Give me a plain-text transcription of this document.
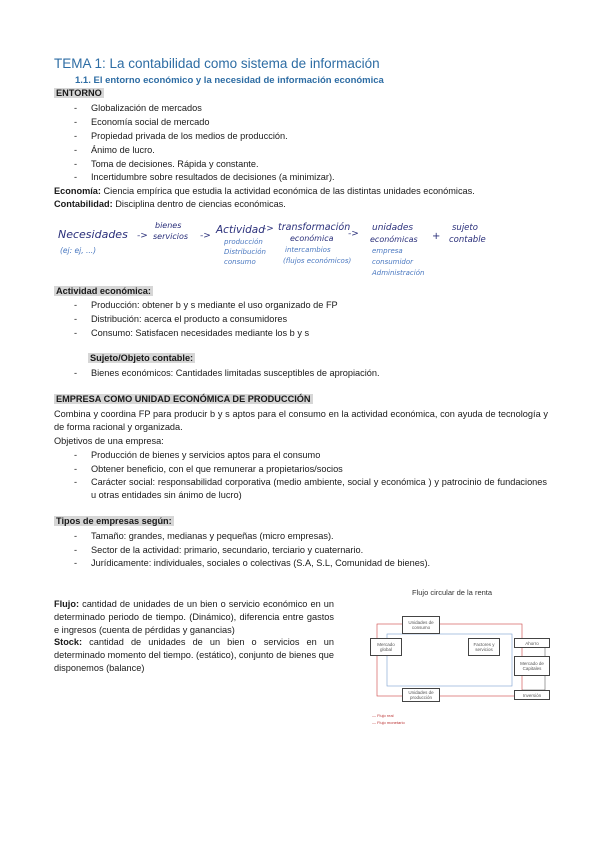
TEMA 1: La contabilidad como sistema de información
1.1. El entorno económico y la necesidad de información económica
ENTORNO
- Globalización de mercados
- Economía social de mercado
- Propiedad privada de los medios de producción.
- Ánimo de lucro.
- Toma de decisiones. Rápida y constante.
- Incertidumbre sobre resultados de decisiones (a minimizar).
Economía: Ciencia empírica que estudia la actividad económica de las distintas unidades económicas.
Contabilidad: Disciplina dentro de ciencias económicas.
Necesidades
(ej: ej, ...)
->
bienes
servicios -> Actividad
producción
Distribución
consumo
-> transformación
económica
intercambios
(flujos económicos)
->
unidades
económicas
empresa
consumidor
Administración
+
sujeto
contable
Actividad económica:
- Producción: obtener b y s mediante el uso organizado de FP
- Distribución: acerca el producto a consumidores
- Consumo: Satisfacen necesidades mediante los b y s
Sujeto/Objeto contable:
- Bienes económicos: Cantidades limitadas susceptibles de apropiación.
EMPRESA COMO UNIDAD ECONÓMICA DE PRODUCCIÓN
Combina y coordina FP para producir b y s aptos para el consumo en la actividad económica, con ayuda de tecnología y de forma racional y organizada.
Objetivos de una empresa:
- Producción de bienes y servicios aptos para el consumo
- Obtener beneficio, con el que remunerar a propietarios/socios
- Carácter social: responsabilidad corporativa (medio ambiente, social y económica ) y patrocinio de fundaciones u otras entidades sin ánimo de lucro)
Tipos de empresas según:
- Tamaño: grandes, medianas y pequeñas (micro empresas).
- Sector de la actividad: primario, secundario, terciario y cuaternario.
- Jurídicamente: individuales, sociales o colectivas (S.A, S.L, Comunidad de bienes).
Flujo: cantidad de unidades de un bien o servicio económico en un determinado periodo de tiempo. (Dinámico), diferencia entre gastos e ingresos (cuenta de pérdidas y ganancias)
Stock: cantidad de unidades de un bien o servicios en un determinado momento del tiempo. (estático), conjunto de bienes que disponemos (balance)
Flujo circular de la renta
Unidades de consumo
Mercado global
Unidades de producción
Factores y servicios
Ahorro
Mercado de Capitales
Inversión
— Flujo real
— Flujo monetario
